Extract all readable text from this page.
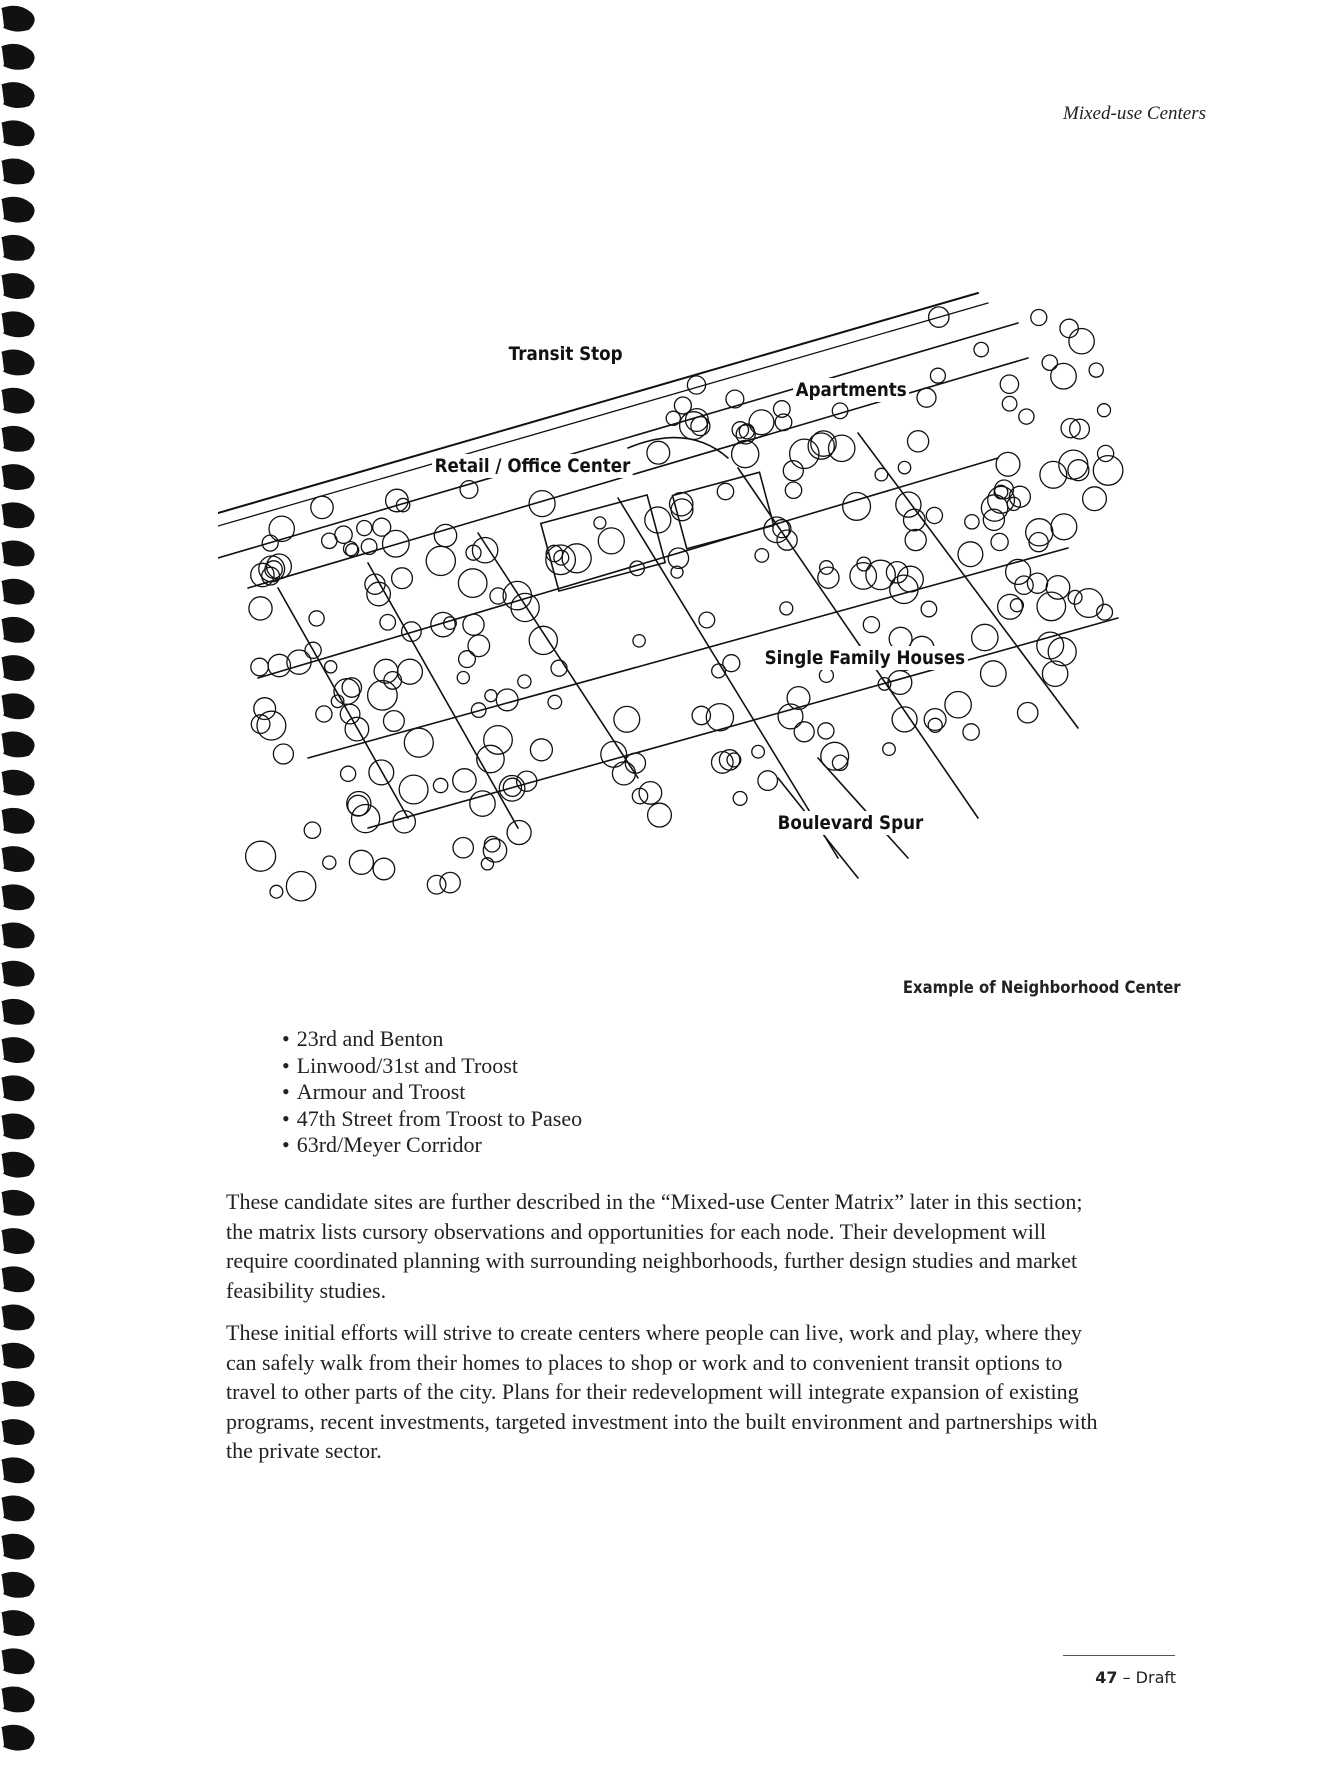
Mixed-use Centers
Transit Stop
Apartments
Retail / Office Center
Single Family Houses
Boulevard Spur
Example of Neighborhood Center
• 23rd and Benton
• Linwood/31st and Troost
• Armour and Troost
• 47th Street from Troost to Paseo
• 63rd/Meyer Corridor

These candidate sites are further described in the “Mixed-use Center Matrix” later in this section; the matrix lists cursory observations and opportunities for each node. Their development will require coordinated planning with surrounding neighborhoods, further design studies and market feasibility studies.

These initial efforts will strive to create centers where people can live, work and play, where they can safely walk from their homes to places to shop or work and to convenient transit options to travel to other parts of the city. Plans for their redevelopment will integrate expansion of existing programs, recent investments, targeted investment into the built environment and partnerships with the private sector.

47 – Draft
